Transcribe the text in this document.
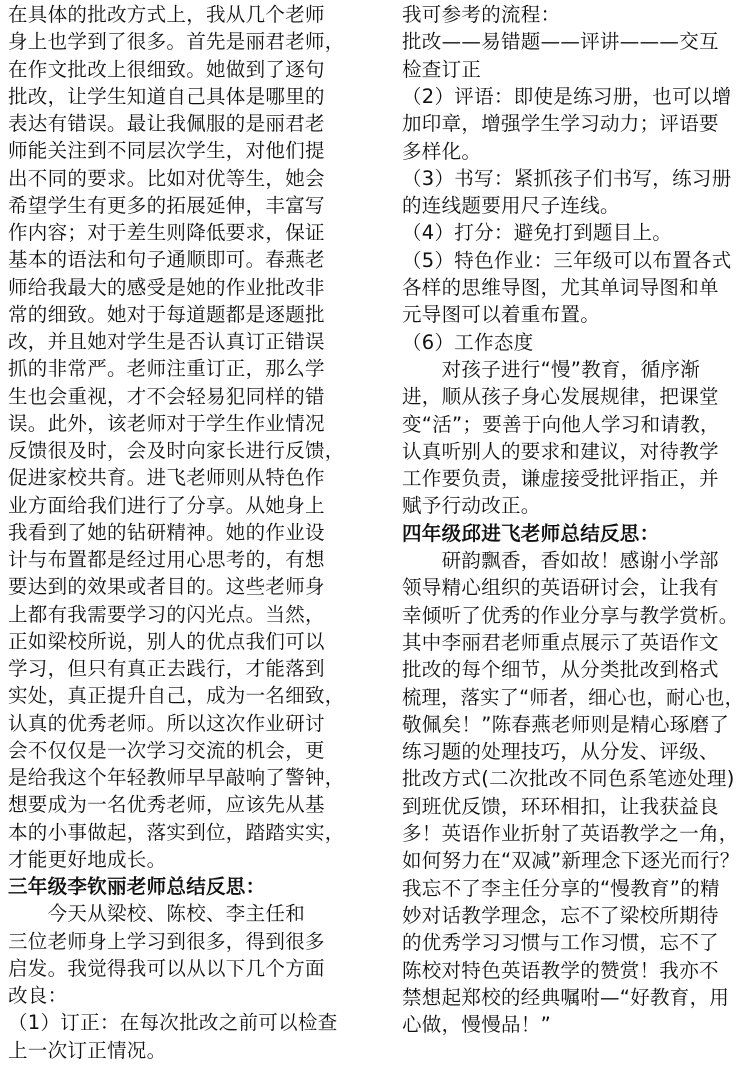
在具体的批改方式上，我从几个老师
身上也学到了很多。首先是丽君老师，
在作文批改上很细致。她做到了逐句
批改，让学生知道自己具体是哪里的
表达有错误。最让我佩服的是丽君老
师能关注到不同层次学生，对他们提
出不同的要求。比如对优等生，她会
希望学生有更多的拓展延伸，丰富写
作内容；对于差生则降低要求，保证
基本的语法和句子通顺即可。春燕老
师给我最大的感受是她的作业批改非
常的细致。她对于每道题都是逐题批
改，并且她对学生是否认真订正错误
抓的非常严。老师注重订正，那么学
生也会重视，才不会轻易犯同样的错
误。此外，该老师对于学生作业情况
反馈很及时，会及时向家长进行反馈，
促进家校共育。进飞老师则从特色作
业方面给我们进行了分享。从她身上
我看到了她的钻研精神。她的作业设
计与布置都是经过用心思考的，有想
要达到的效果或者目的。这些老师身
上都有我需要学习的闪光点。当然，
正如梁校所说，别人的优点我们可以
学习，但只有真正去践行，才能落到
实处，真正提升自己，成为一名细致，
认真的优秀老师。所以这次作业研讨
会不仅仅是一次学习交流的机会，更
是给我这个年轻教师早早敲响了警钟，
想要成为一名优秀老师，应该先从基
本的小事做起，落实到位，踏踏实实，
才能更好地成长。
三年级李钦丽老师总结反思：
　　今天从梁校、陈校、李主任和
三位老师身上学习到很多，得到很多
启发。我觉得我可以从以下几个方面
改良：
（1）订正：在每次批改之前可以检查
上一次订正情况。
我可参考的流程：
批改——易错题——评讲———交互
检查订正
（2）评语：即使是练习册，也可以增
加印章，增强学生学习动力；评语要
多样化。
（3）书写：紧抓孩子们书写，练习册
的连线题要用尺子连线。
（4）打分：避免打到题目上。
（5）特色作业：三年级可以布置各式
各样的思维导图，尤其单词导图和单
元导图可以着重布置。
（6）工作态度
　　对孩子进行“慢”教育，循序渐
进，顺从孩子身心发展规律，把课堂
变“活”；要善于向他人学习和请教，
认真听别人的要求和建议，对待教学
工作要负责，谦虚接受批评指正，并
赋予行动改正。
四年级邱进飞老师总结反思：
　　研韵飘香，香如故！感谢小学部
领导精心组织的英语研讨会，让我有
幸倾听了优秀的作业分享与教学赏析。
其中李丽君老师重点展示了英语作文
批改的每个细节，从分类批改到格式
梳理，落实了“师者，细心也，耐心也，
敬佩矣！”陈春燕老师则是精心琢磨了
练习题的处理技巧，从分发、评级、
批改方式(二次批改不同色系笔迹处理)
到班优反馈，环环相扣，让我获益良
多！英语作业折射了英语教学之一角，
如何努力在“双减”新理念下逐光而行？
我忘不了李主任分享的“慢教育”的精
妙对话教学理念，忘不了梁校所期待
的优秀学习习惯与工作习惯，忘不了
陈校对特色英语教学的赞赏！我亦不
禁想起郑校的经典嘱咐—“好教育，用
心做，慢慢品！”
